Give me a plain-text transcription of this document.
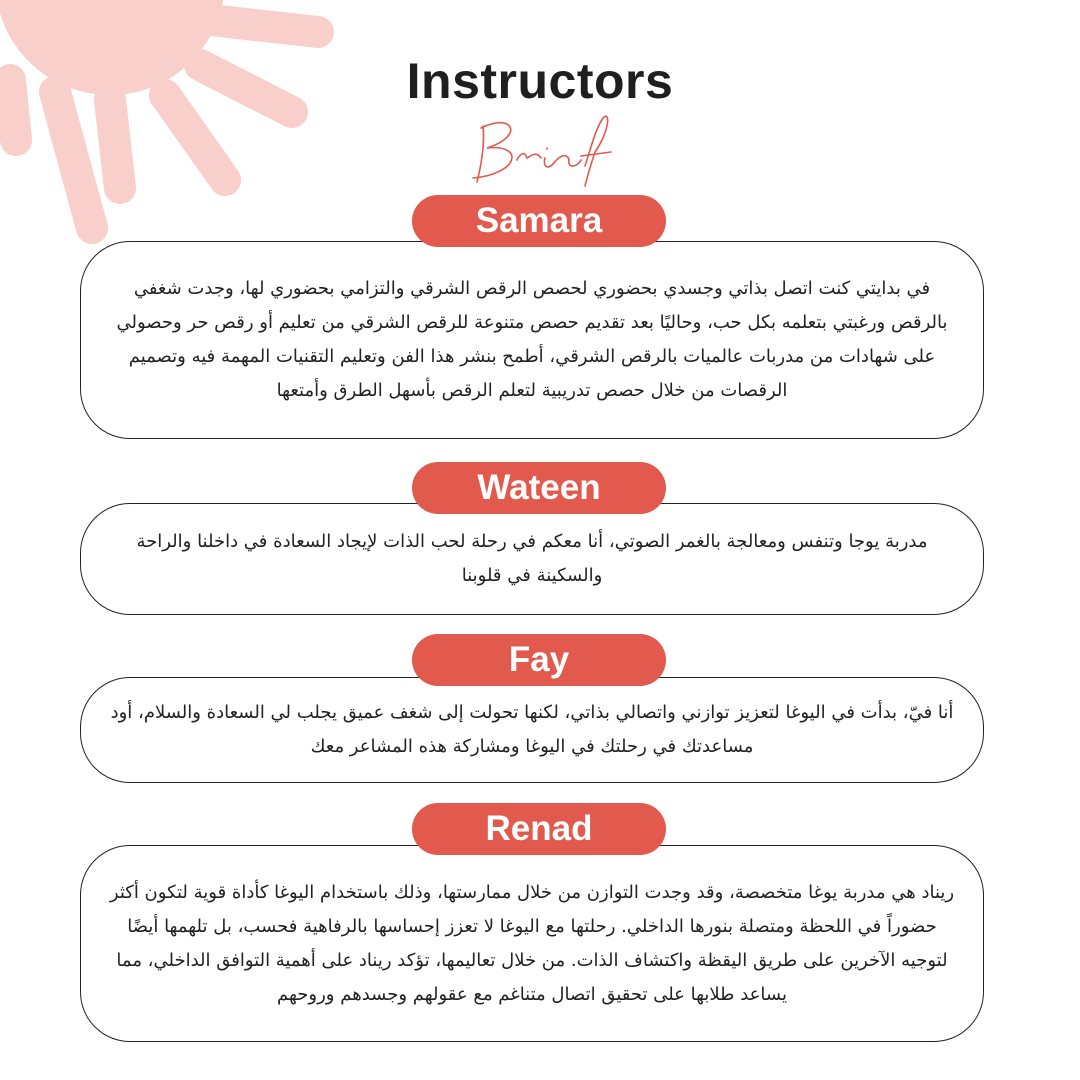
Instructors
Samara

في بدايتي كنت اتصل بذاتي وجسدي بحضوري لحصص الرقص الشرقي والتزامي بحضوري لها، وجدت شغفي بالرقص ورغبتي بتعلمه بكل حب، وحاليًا بعد تقديم حصص متنوعة للرقص الشرقي من تعليم أو رقص حر وحصولي على شهادات من مدربات عالميات بالرقص الشرقي، أطمح بنشر هذا الفن وتعليم التقنيات المهمة فيه وتصميم الرقصات من خلال حصص تدريبية لتعلم الرقص بأسهل الطرق وأمتعها

Wateen

مدربة يوجا وتنفس ومعالجة بالغمر الصوتي، أنا معكم في رحلة لحب الذات لإيجاد السعادة في داخلنا والراحة والسكينة في قلوبنا

Fay

أنا فيّ، بدأت في اليوغا لتعزيز توازني واتصالي بذاتي، لكنها تحولت إلى شغف عميق يجلب لي السعادة والسلام، أود مساعدتك في رحلتك في اليوغا ومشاركة هذه المشاعر معك

Renad

ريناد هي مدربة يوغا متخصصة، وقد وجدت التوازن من خلال ممارستها، وذلك باستخدام اليوغا كأداة قوية لتكون أكثر حضوراً في اللحظة ومتصلة بنورها الداخلي. رحلتها مع اليوغا لا تعزز إحساسها بالرفاهية فحسب، بل تلهمها أيضًا لتوجيه الآخرين على طريق اليقظة واكتشاف الذات. من خلال تعاليمها، تؤكد ريناد على أهمية التوافق الداخلي، مما يساعد طلابها على تحقيق اتصال متناغم مع عقولهم وجسدهم وروحهم
